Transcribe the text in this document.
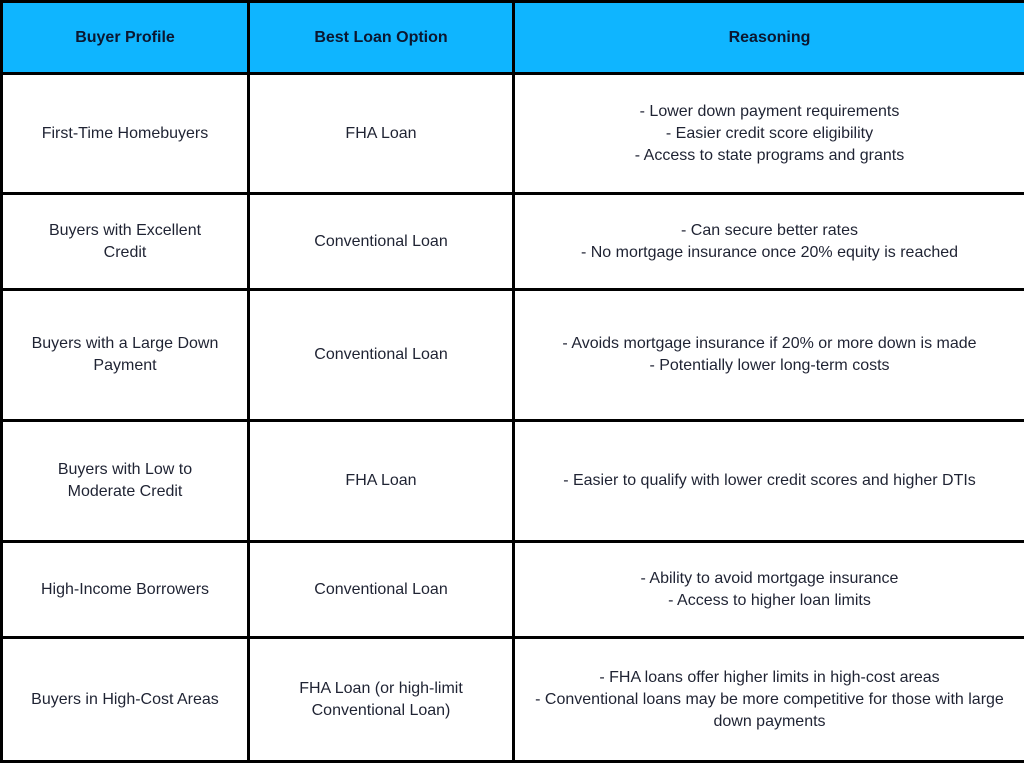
Buyer Profile	Best Loan Option	Reasoning
First-Time Homebuyers	FHA Loan	- Lower down payment requirements
- Easier credit score eligibility
- Access to state programs and grants

Buyers with Excellent Credit	Conventional Loan	- Can secure better rates
- No mortgage insurance once 20% equity is reached

Buyers with a Large Down Payment	Conventional Loan	- Avoids mortgage insurance if 20% or more down is made
- Potentially lower long-term costs

Buyers with Low to Moderate Credit	FHA Loan	- Easier to qualify with lower credit scores and higher DTIs

High-Income Borrowers	Conventional Loan	- Ability to avoid mortgage insurance
- Access to higher loan limits

Buyers in High-Cost Areas	FHA Loan (or high-limit Conventional Loan)	- FHA loans offer higher limits in high-cost areas
- Conventional loans may be more competitive for those with large down payments
